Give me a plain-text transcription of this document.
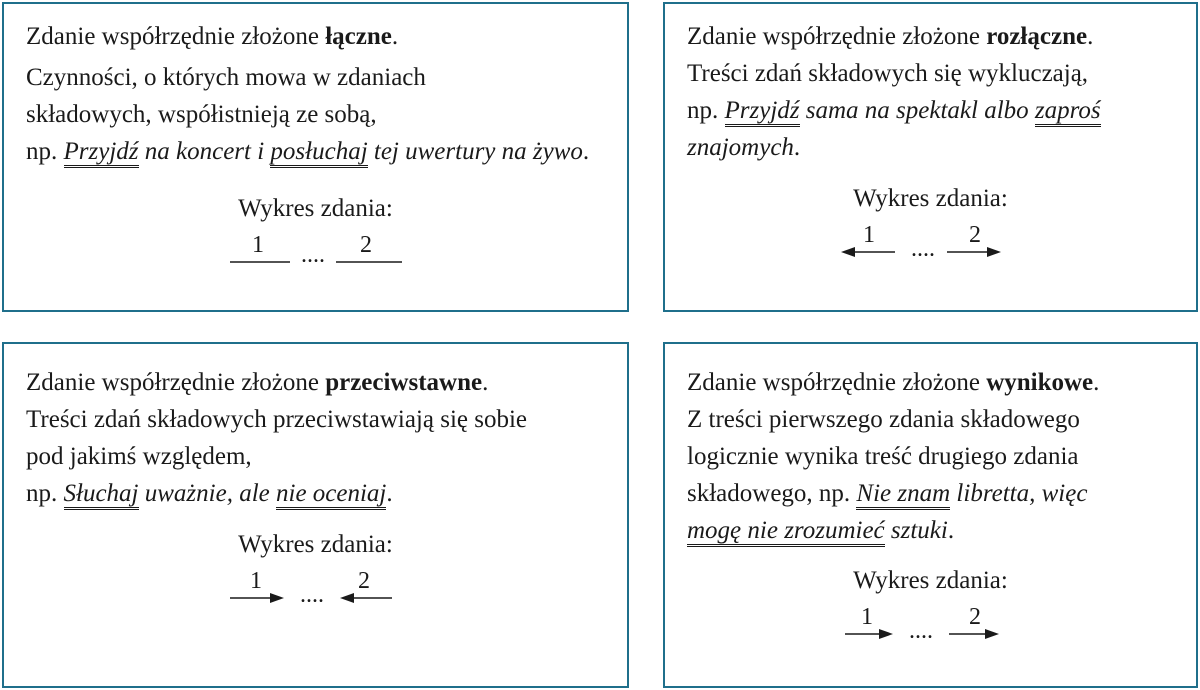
Zdanie współrzędnie złożone łączne.
Czynności, o których mowa w zdaniach
składowych, współistnieją ze sobą,
np. Przyjdź na koncert i posłuchaj tej uwertury na żywo.
Wykres zdania:
1 .... 2
Zdanie współrzędnie złożone rozłączne.
Treści zdań składowych się wykluczają,
np. Przyjdź sama na spektakl albo zaproś
znajomych.
Wykres zdania:
1
....
2
Zdanie współrzędnie złożone przeciwstawne.
Treści zdań składowych przeciwstawiają się sobie
pod jakimś względem,
np. Słuchaj uważnie, ale nie oceniaj.
Wykres zdania:
1
....
2
Zdanie współrzędnie złożone wynikowe.
Z treści pierwszego zdania składowego
logicznie wynika treść drugiego zdania
składowego, np. Nie znam libretta, więc
mogę nie zrozumieć sztuki.
Wykres zdania:
1
....
2
